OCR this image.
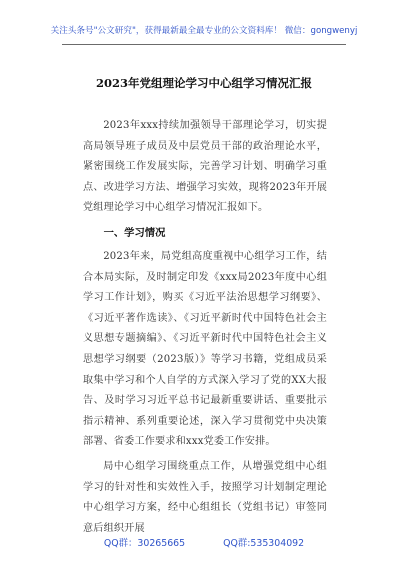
关注头条号"公文研究"，获得最新最全最专业的公文资料库！ 微信：gongwenyj
2023年党组理论学习中心组学习情况汇报

2023年xxx持续加强领导干部理论学习，切实提高局领导班子成员及中层党员干部的政治理论水平，紧密围绕工作发展实际，完善学习计划、明确学习重点、改进学习方法、增强学习实效，现将2023年开展党组理论学习中心组学习情况汇报如下。

一、学习情况

2023年来，局党组高度重视中心组学习工作，结合本局实际，及时制定印发《xxx局2023年度中心组学习工作计划》，购买《习近平法治思想学习纲要》、《习近平著作选读》、《习近平新时代中国特色社会主义思想专题摘编》、《习近平新时代中国特色社会主义思想学习纲要（2023版）》等学习书籍，党组成员采取集中学习和个人自学的方式深入学习了党的XX大报告、及时学习习近平总书记最新重要讲话、重要批示指示精神、系列重要论述，深入学习贯彻党中央决策部署、省委工作要求和xxx党委工作安排。

局中心组学习围绕重点工作，从增强党组中心组学习的针对性和实效性入手，按照学习计划制定理论中心组学习方案，经中心组组长（党组书记）审签同意后组织开展

QQ群：30265665	QQ群:535304092
